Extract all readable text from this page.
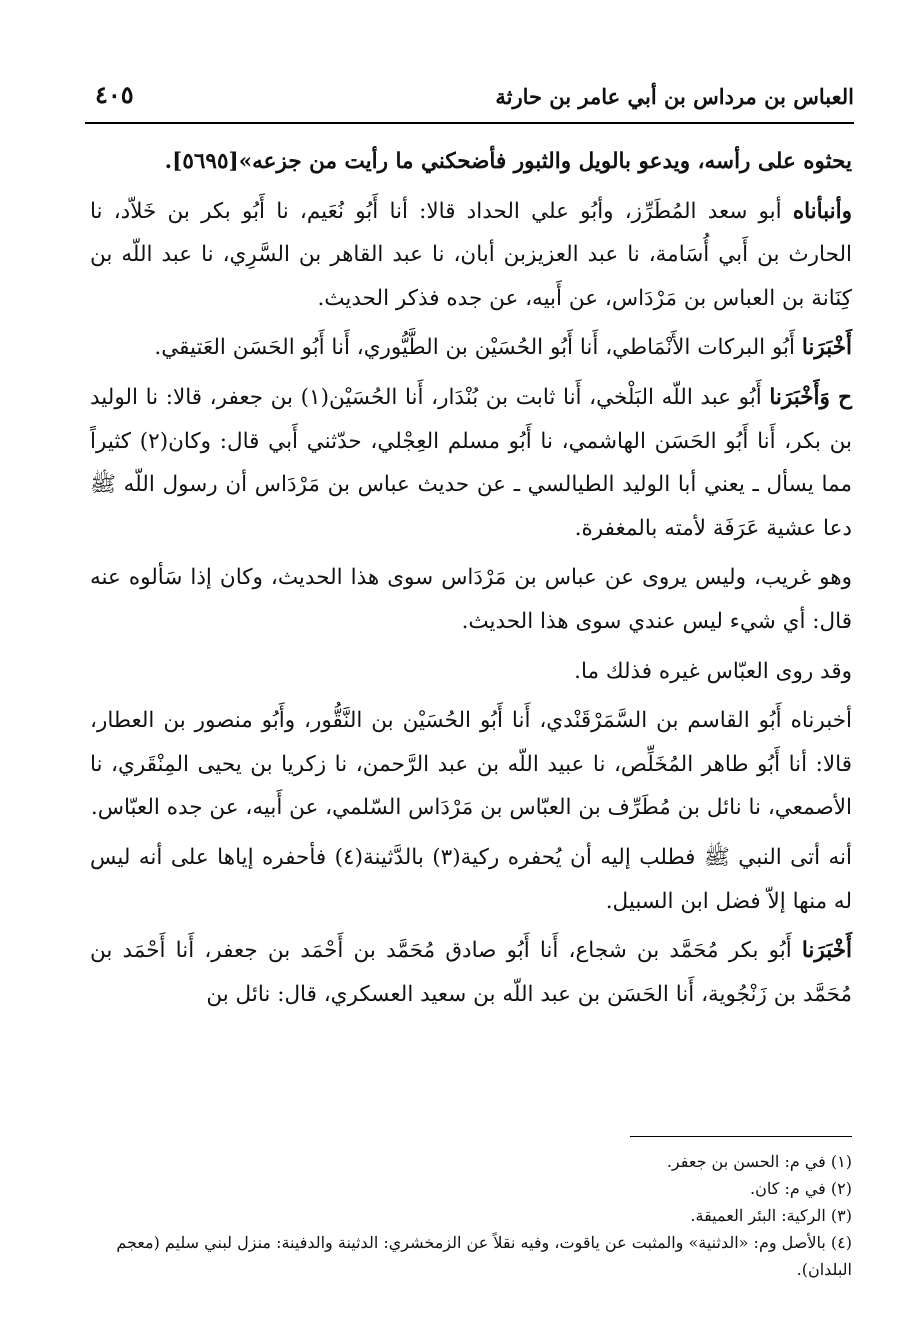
العباس بن مرداس بن أبي عامر بن حارثة
٤٠٥

يحثوه على رأسه، ويدعو بالويل والثبور فأضحكني ما رأيت من جزعه»[٥٦٩٥].

وأنبأناه أبو سعد المُطَرِّز، وأبُو علي الحداد قالا: أنا أَبُو نُعَيم، نا أَبُو بكر بن خَلاّد، نا الحارث بن أَبي أُسَامة، نا عبد العزيزبن أبان، نا عبد القاهر بن السَّرِي، نا عبد اللّه بن كِنَانة بن العباس بن مَرْدَاس، عن أَبيه، عن جده فذكر الحديث.

أَخْبَرَنا أَبُو البركات الأَنْمَاطي، أَنا أَبُو الحُسَيْن بن الطَّيُّوري، أَنا أَبُو الحَسَن العَتيقي.

ح وَأَخْبَرَنا أَبُو عبد اللّه البَلْخي، أَنا ثابت بن بُنْدَار، أَنا الحُسَيْن(١) بن جعفر، قالا: نا الوليد بن بكر، أَنا أَبُو الحَسَن الهاشمي، نا أَبُو مسلم العِجْلي، حدّثني أَبي قال: وكان(٢) كثيراً مما يسأل ـ يعني أبا الوليد الطيالسي ـ عن حديث عباس بن مَرْدَاس أن رسول اللّه ﷺ دعا عشية عَرَفَة لأمته بالمغفرة.

وهو غريب، وليس يروى عن عباس بن مَرْدَاس سوى هذا الحديث، وكان إذا سَألوه عنه قال: أي شيء ليس عندي سوى هذا الحديث.

وقد روى العبّاس غيره فذلك ما.

أخبرناه أَبُو القاسم بن السَّمَرْقَنْدي، أَنا أَبُو الحُسَيْن بن النَّقُّور، وأَبُو منصور بن العطار، قالا: أنا أَبُو طاهر المُخَلِّص، نا عبيد اللّه بن عبد الرَّحمن، نا زكريا بن يحيى المِنْقَري، نا الأصمعي، نا نائل بن مُطَرِّف بن العبّاس بن مَرْدَاس السّلمي، عن أَبيه، عن جده العبّاس.

أنه أتى النبي ﷺ فطلب إليه أن يُحفره ركية(٣) بالدَّثينة(٤) فأحفره إياها على أنه ليس له منها إلاّ فضل ابن السبيل.

أَخْبَرَنا أَبُو بكر مُحَمَّد بن شجاع، أَنا أَبُو صادق مُحَمَّد بن أَحْمَد بن جعفر، أَنا أَحْمَد بن مُحَمَّد بن زَنْجُوية، أَنا الحَسَن بن عبد اللّه بن سعيد العسكري، قال: نائل بن

(١) في م: الحسن بن جعفر.

(٢) في م: كان.

(٣) الركية: البئر العميقة.

(٤) بالأصل وم: «الدثنية» والمثبت عن ياقوت، وفيه نقلاً عن الزمخشري: الدثينة والدفينة: منزل لبني سليم (معجم البلدان).
